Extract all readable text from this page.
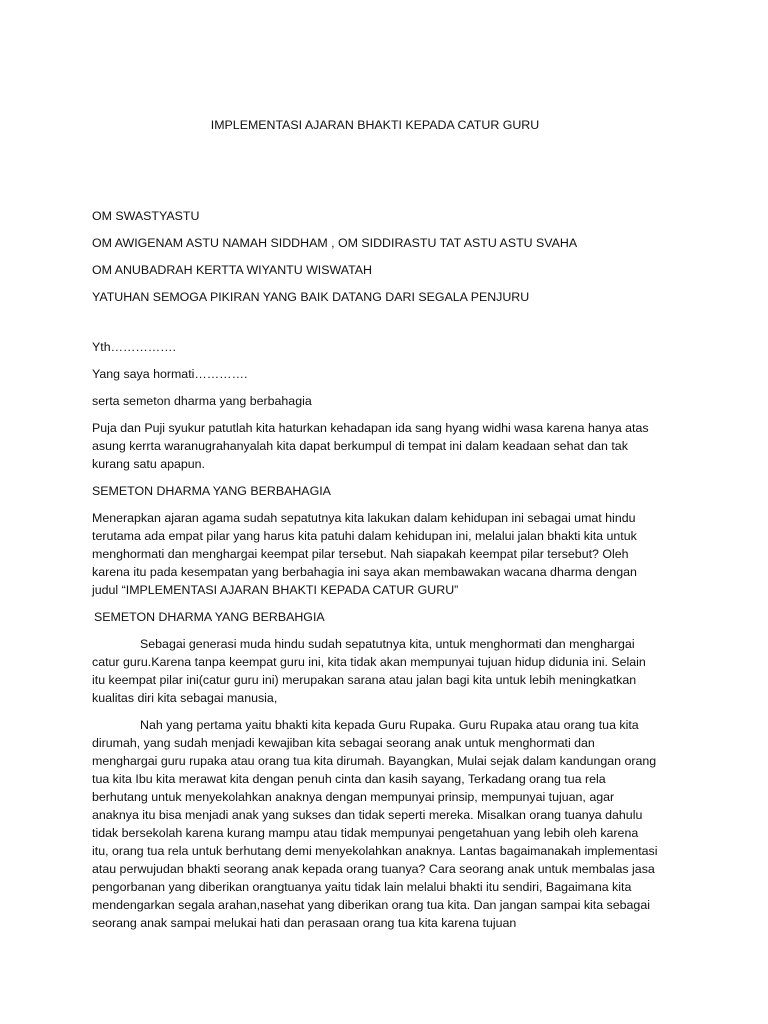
IMPLEMENTASI AJARAN BHAKTI KEPADA CATUR GURU
OM SWASTYASTU
OM AWIGENAM ASTU NAMAH SIDDHAM , OM SIDDIRASTU TAT ASTU ASTU SVAHA
OM ANUBADRAH KERTTA WIYANTU WISWATAH
YATUHAN SEMOGA PIKIRAN YANG BAIK DATANG DARI SEGALA PENJURU
Yth…………….
Yang saya hormati………….
serta semeton dharma yang berbahagia
Puja dan Puji syukur patutlah kita haturkan kehadapan ida sang hyang widhi wasa karena hanya atas asung kerrta waranugrahanyalah kita dapat berkumpul di tempat ini dalam keadaan sehat dan tak kurang satu apapun.
SEMETON DHARMA YANG BERBAHAGIA
Menerapkan ajaran agama sudah sepatutnya kita lakukan dalam kehidupan ini sebagai umat hindu terutama ada empat pilar yang harus kita patuhi dalam kehidupan ini, melalui jalan bhakti kita untuk menghormati dan menghargai keempat pilar tersebut. Nah siapakah keempat pilar tersebut? Oleh karena itu pada kesempatan yang berbahagia ini saya akan membawakan wacana dharma dengan judul “IMPLEMENTASI AJARAN BHAKTI KEPADA CATUR GURU”
SEMETON DHARMA YANG BERBAHGIA
Sebagai generasi muda hindu sudah sepatutnya kita, untuk menghormati dan menghargai catur guru.Karena tanpa keempat guru ini, kita tidak akan mempunyai tujuan hidup didunia ini. Selain itu keempat pilar ini(catur guru ini) merupakan sarana atau jalan bagi kita untuk lebih meningkatkan kualitas diri kita sebagai manusia,
Nah yang pertama yaitu bhakti kita kepada Guru Rupaka. Guru Rupaka atau orang tua kita dirumah, yang sudah menjadi kewajiban kita sebagai seorang anak untuk menghormati dan menghargai guru rupaka atau orang tua kita dirumah. Bayangkan, Mulai sejak dalam kandungan orang tua kita Ibu kita merawat kita dengan penuh cinta dan kasih sayang, Terkadang orang tua rela berhutang untuk menyekolahkan anaknya dengan mempunyai prinsip, mempunyai tujuan, agar anaknya itu bisa menjadi anak yang sukses dan tidak seperti mereka. Misalkan orang tuanya dahulu tidak bersekolah karena kurang mampu atau tidak mempunyai pengetahuan yang lebih oleh karena itu, orang tua rela untuk berhutang demi menyekolahkan anaknya. Lantas bagaimanakah implementasi atau perwujudan bhakti seorang anak kepada orang tuanya? Cara seorang anak untuk membalas jasa pengorbanan yang diberikan orangtuanya yaitu tidak lain melalui bhakti itu sendiri, Bagaimana kita mendengarkan segala arahan,nasehat yang diberikan orang tua kita. Dan jangan sampai kita sebagai seorang anak sampai melukai hati dan perasaan orang tua kita karena tujuan
